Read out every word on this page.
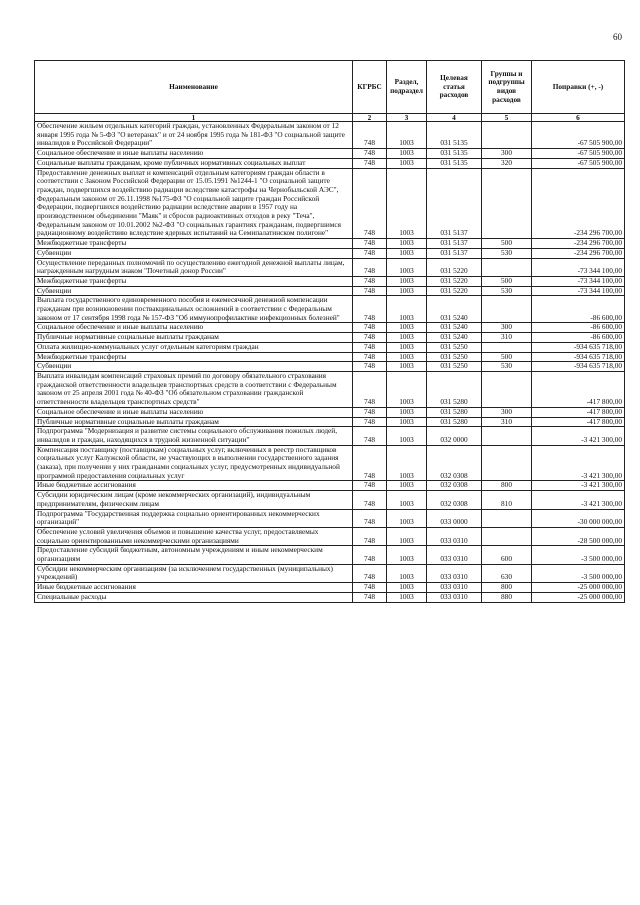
60
Наименование	КГРБС	Раздел, подраздел	Целевая статья расходов	Группы и подгруппы видов расходов	Поправки (+, -)
1	2	3	4	5	6
Обеспечение жильем отдельных категорий граждан, установленных Федеральным законом от 12 января 1995 года № 5-ФЗ "О ветеранах" и от 24 ноября 1995 года № 181-ФЗ "О социальной защите инвалидов в Российской Федерации"	748	1003	031 5135		-67 505 900,00
Социальное обеспечение и иные выплаты населению	748	1003	031 5135	300	-67 505 900,00
Социальные выплаты гражданам, кроме публичных нормативных социальных выплат	748	1003	031 5135	320	-67 505 900,00
Предоставление денежных выплат и компенсаций отдельным категориям граждан области в соответствии с Законом Российской Федерации от 15.05.1991 №1244-1 "О социальной защите граждан, подвергшихся воздействию радиации вследствие катастрофы на Чернобыльской АЭС", Федеральным законом от 26.11.1998 №175-ФЗ "О социальной защите граждан Российской Федерации, подвергшихся воздействию радиации вследствие аварии в 1957 году на производственном объединении "Маяк" и сбросов радиоактивных отходов в реку "Теча", Федеральным законом от 10.01.2002 №2-ФЗ "О социальных гарантиях гражданам, подвергшимся радиационному воздействию вследствие ядерных испытаний на Семипалатинском полигоне"	748	1003	031 5137		-234 296 700,00
Межбюджетные трансферты	748	1003	031 5137	500	-234 296 700,00
Субвенции	748	1003	031 5137	530	-234 296 700,00
Осуществление переданных полномочий по осуществлению ежегодной денежной выплаты лицам, награжденным нагрудным знаком "Почетный донор России"	748	1003	031 5220		-73 344 100,00
Межбюджетные трансферты	748	1003	031 5220	500	-73 344 100,00
Субвенции	748	1003	031 5220	530	-73 344 100,00
Выплата государственного единовременного пособия и ежемесячной денежной компенсации гражданам при возникновении поствакцинальных осложнений в соответствии с Федеральным законом от 17 сентября 1998 года № 157-ФЗ "Об иммунопрофилактике инфекционных болезней"	748	1003	031 5240		-86 600,00
Социальное обеспечение и иные выплаты населению	748	1003	031 5240	300	-86 600,00
Публичные нормативные социальные выплаты гражданам	748	1003	031 5240	310	-86 600,00
Оплата жилищно-коммунальных услуг отдельным категориям граждан	748	1003	031 5250		-934 635 718,00
Межбюджетные трансферты	748	1003	031 5250	500	-934 635 718,00
Субвенции	748	1003	031 5250	530	-934 635 718,00
Выплата инвалидам компенсаций страховых премий по договору обязательного страхования гражданской ответственности владельцев транспортных средств в соответствии с Федеральным законом от 25 апреля 2001 года № 40-ФЗ "Об обязательном страховании гражданской ответственности владельцев транспортных средств"	748	1003	031 5280		-417 800,00
Социальное обеспечение и иные выплаты населению	748	1003	031 5280	300	-417 800,00
Публичные нормативные социальные выплаты гражданам	748	1003	031 5280	310	-417 800,00
Подпрограмма "Модернизация и развитие системы социального обслуживания пожилых людей, инвалидов и граждан, находящихся в трудной жизненной ситуации"	748	1003	032 0000		-3 421 300,00
Компенсация поставщику (поставщикам) социальных услуг, включенных в реестр поставщиков социальных услуг Калужской области, не участвующих в выполнении государственного задания (заказа), при получении у них гражданами социальных услуг, предусмотренных индивидуальной программой предоставления социальных услуг	748	1003	032 0308		-3 421 300,00
Иные бюджетные ассигнования	748	1003	032 0308	800	-3 421 300,00
Субсидии юридическим лицам (кроме некоммерческих организаций), индивидуальным предпринимателям, физическим лицам	748	1003	032 0308	810	-3 421 300,00
Подпрограмма "Государственная поддержка социально ориентированных некоммерческих организаций"	748	1003	033 0000		-30 000 000,00
Обеспечение условий увеличения объемов и повышение качества услуг, предоставляемых социально ориентированными некоммерческими организациями	748	1003	033 0310		-28 500 000,00
Предоставление субсидий бюджетным, автономным учреждениям и иным некоммерческим организациям	748	1003	033 0310	600	-3 500 000,00
Субсидии некоммерческим организациям (за исключением государственных (муниципальных) учреждений)	748	1003	033 0310	630	-3 500 000,00
Иные бюджетные ассигнования	748	1003	033 0310	800	-25 000 000,00
Специальные расходы	748	1003	033 0310	880	-25 000 000,00
